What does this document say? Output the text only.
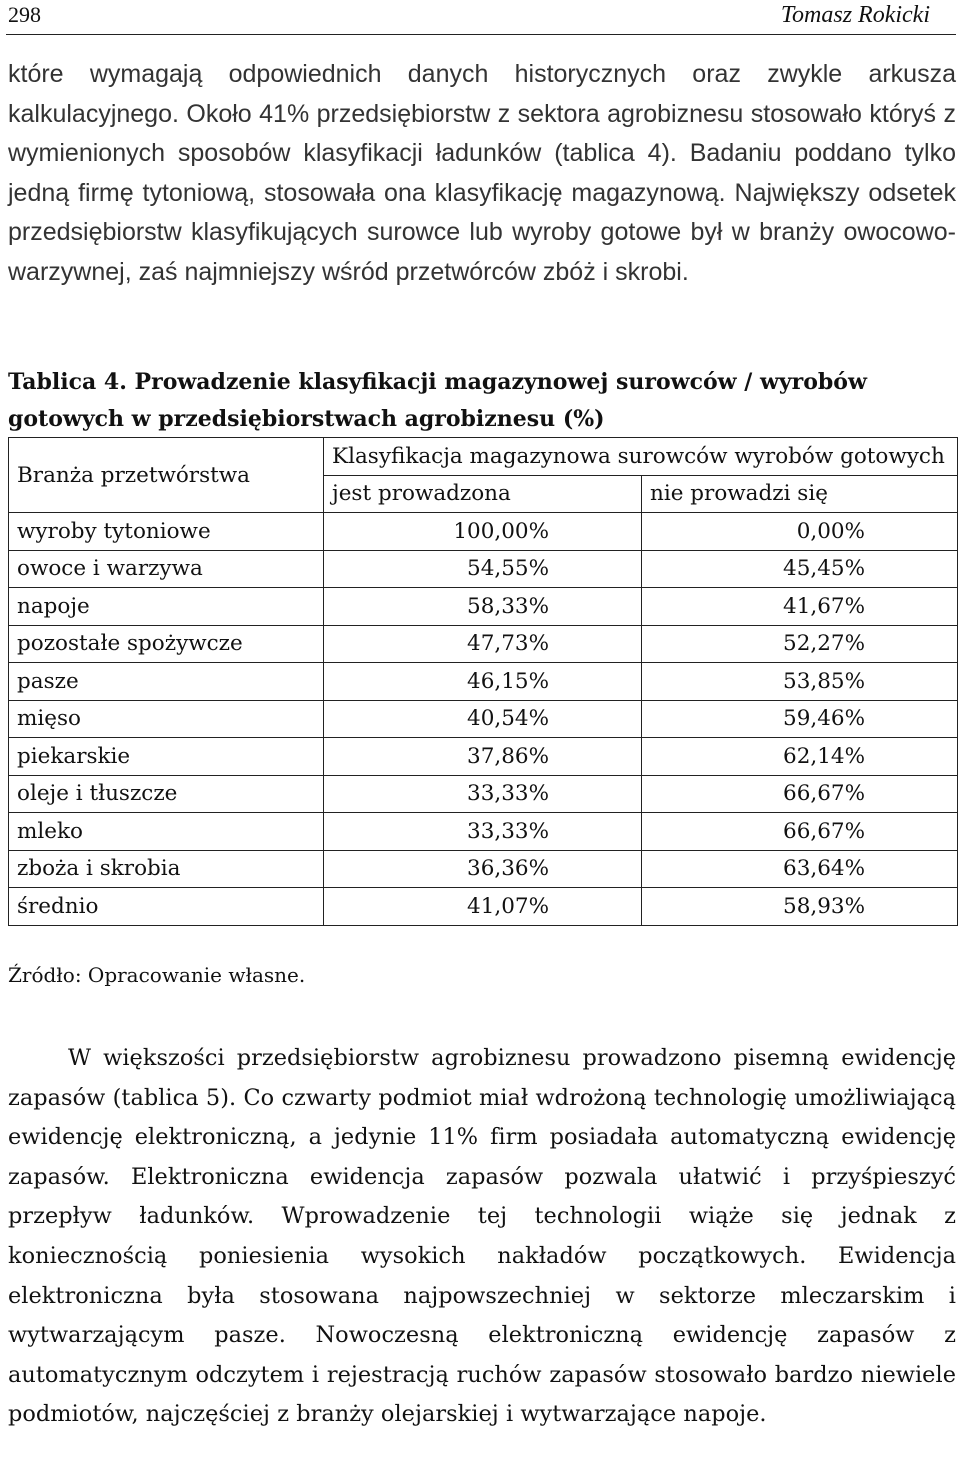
298	Tomasz Rokicki

które wymagają odpowiednich danych historycznych oraz zwykle arkusza kalkulacyjnego. Około 41% przedsiębiorstw z sektora agrobiznesu stosowało któryś z wymienionych sposobów klasyfikacji ładunków (tablica 4). Badaniu poddano tylko jedną firmę tytoniową, stosowała ona klasyfikację magazynową. Największy odsetek przedsiębiorstw klasyfikujących surowce lub wyroby gotowe był w branży owocowo-warzywnej, zaś najmniejszy wśród przetwórców zbóż i skrobi.

Tablica 4. Prowadzenie klasyfikacji magazynowej surowców / wyrobów gotowych w przedsiębiorstwach agrobiznesu (%)
Branża przetwórstwa	Klasyfikacja magazynowa surowców wyrobów gotowych	
	jest prowadzona	nie prowadzi się
wyroby tytoniowe	100,00%	0,00%
owoce i warzywa	54,55%	45,45%
napoje	58,33%	41,67%
pozostałe spożywcze	47,73%	52,27%
pasze	46,15%	53,85%
mięso	40,54%	59,46%
piekarskie	37,86%	62,14%
oleje i tłuszcze	33,33%	66,67%
mleko	33,33%	66,67%
zboża i skrobia	36,36%	63,64%
średnio	41,07%	58,93%
Źródło: Opracowanie własne.

W większości przedsiębiorstw agrobiznesu prowadzono pisemną ewidencję zapasów (tablica 5). Co czwarty podmiot miał wdrożoną technologię umożliwiającą ewidencję elektroniczną, a jedynie 11% firm posiadała automatyczną ewidencję zapasów. Elektroniczna ewidencja zapasów pozwala ułatwić i przyśpieszyć przepływ ładunków. Wprowadzenie tej technologii wiąże się jednak z koniecznością poniesienia wysokich nakładów początkowych. Ewidencja elektroniczna była stosowana najpowszechniej w sektorze mleczarskim i wytwarzającym pasze. Nowoczesną elektroniczną ewidencję zapasów z automatycznym odczytem i rejestracją ruchów zapasów stosowało bardzo niewiele podmiotów, najczęściej z branży olejarskiej i wytwarzające napoje.
